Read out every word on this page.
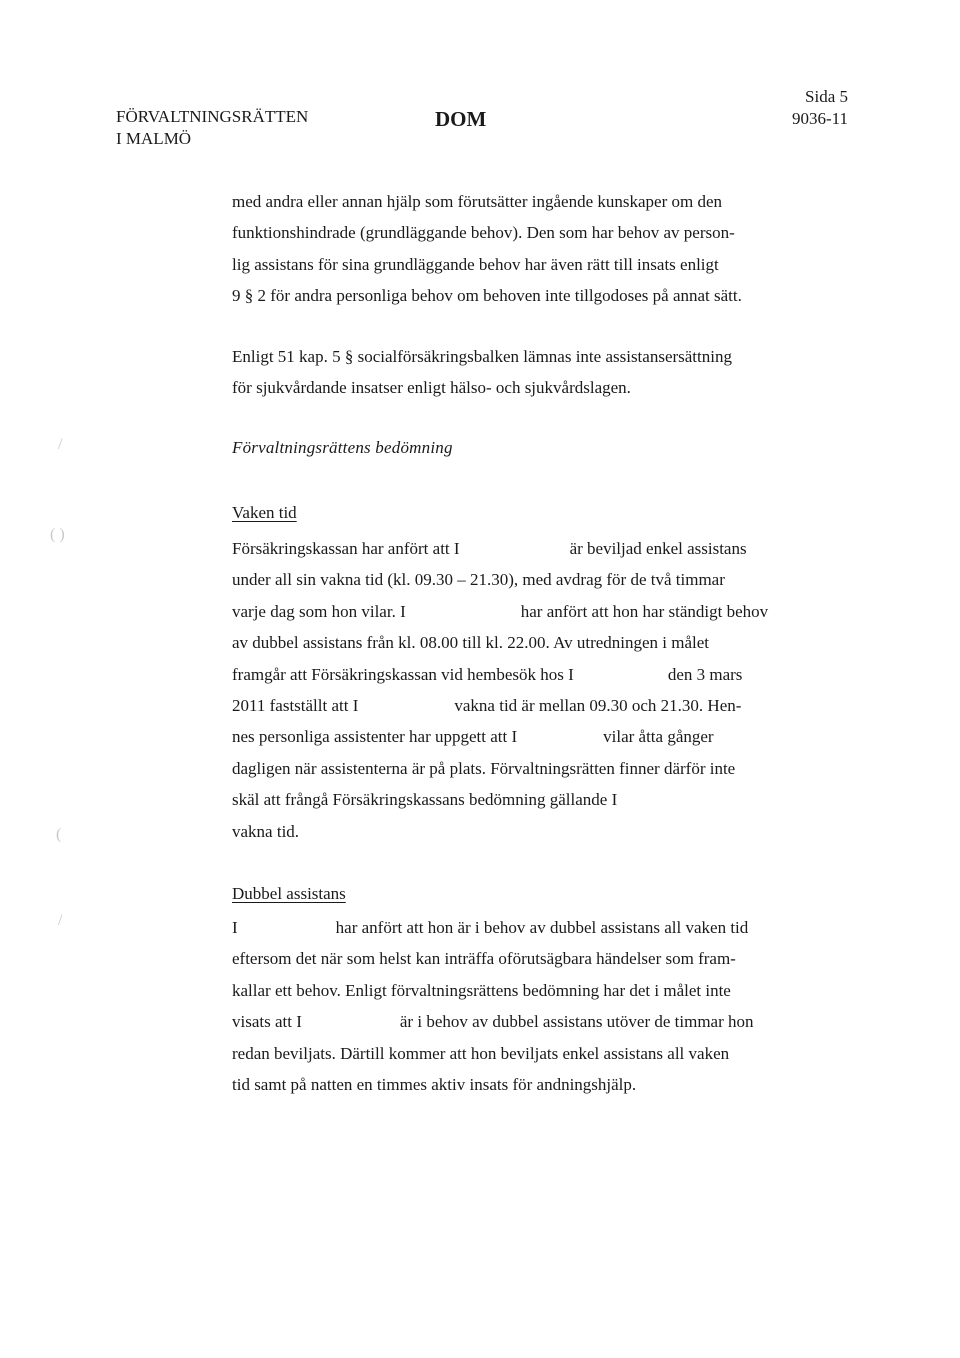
FÖRVALTNINGSRÄTTEN
I MALMÖ
DOM
Sida 5
9036-11
med andra eller annan hjälp som förutsätter ingående kunskaper om den
funktionshindrade (grundläggande behov). Den som har behov av person-
lig assistans för sina grundläggande behov har även rätt till insats enligt
9 § 2 för andra personliga behov om behoven inte tillgodoses på annat sätt.
Enligt 51 kap. 5 § socialförsäkringsbalken lämnas inte assistansersättning
för sjukvårdande insatser enligt hälso- och sjukvårdslagen.
Förvaltningsrättens bedömning
Vaken tid
Försäkringskassan har anfört att I	är beviljad enkel assistans
under all sin vakna tid (kl. 09.30 – 21.30), med avdrag för de två timmar
varje dag som hon vilar. I	har anfört att hon har ständigt behov
av dubbel assistans från kl. 08.00 till kl. 22.00. Av utredningen i målet
framgår att Försäkringskassan vid hembesök hos I	den 3 mars
2011 fastställt att I	vakna tid är mellan 09.30 och 21.30. Hen-
nes personliga assistenter har uppgett att I	vilar åtta gånger
dagligen när assistenterna är på plats. Förvaltningsrätten finner därför inte
skäl att frångå Försäkringskassans bedömning gällande I
vakna tid.
Dubbel assistans
I	har anfört att hon är i behov av dubbel assistans all vaken tid
eftersom det när som helst kan inträffa oförutsägbara händelser som fram-
kallar ett behov. Enligt förvaltningsrättens bedömning har det i målet inte
visats att I	är i behov av dubbel assistans utöver de timmar hon
redan beviljats. Därtill kommer att hon beviljats enkel assistans all vaken
tid samt på natten en timmes aktiv insats för andningshjälp.
/
( )
(
/
